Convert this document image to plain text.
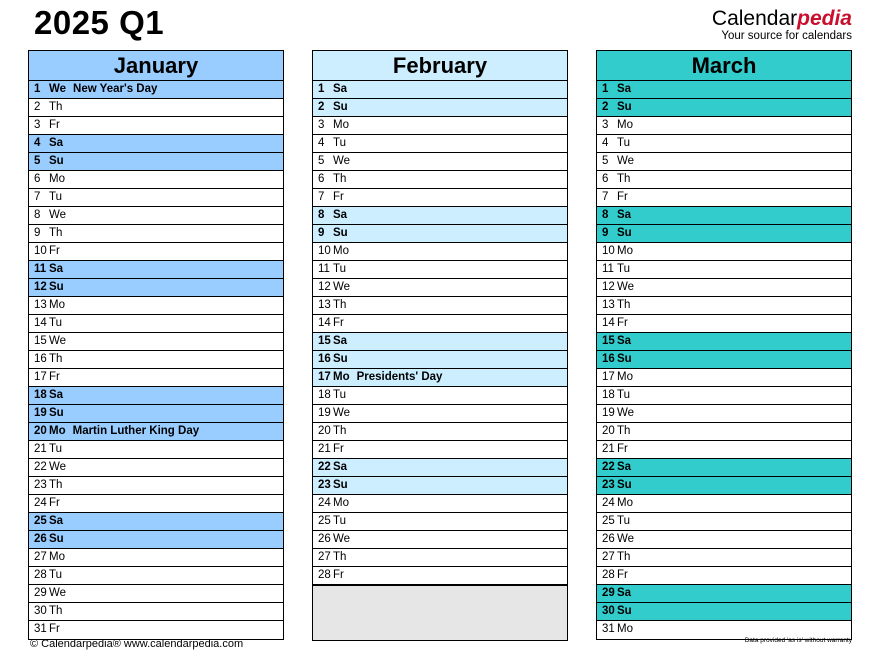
2025 Q1	Calendarpedia
Your source for calendars
January
1 We New Year's Day
2 Th
3 Fr
4 Sa
5 Su
6 Mo
7 Tu
8 We
9 Th
10 Fr
11 Sa
12 Su
13 Mo
14 Tu
15 We
16 Th
17 Fr
18 Sa
19 Su
20 Mo Martin Luther King Day
21 Tu
22 We
23 Th
24 Fr
25 Sa
26 Su
27 Mo
28 Tu
29 We
30 Th
31 Fr
February
1 Sa
2 Su
3 Mo
4 Tu
5 We
6 Th
7 Fr
8 Sa
9 Su
10 Mo
11 Tu
12 We
13 Th
14 Fr
15 Sa
16 Su
17 Mo Presidents' Day
18 Tu
19 We
20 Th
21 Fr
22 Sa
23 Su
24 Mo
25 Tu
26 We
27 Th
28 Fr
March
1 Sa
2 Su
3 Mo
4 Tu
5 We
6 Th
7 Fr
8 Sa
9 Su
10 Mo
11 Tu
12 We
13 Th
14 Fr
15 Sa
16 Su
17 Mo
18 Tu
19 We
20 Th
21 Fr
22 Sa
23 Su
24 Mo
25 Tu
26 We
27 Th
28 Fr
29 Sa
30 Su
31 Mo
© Calendarpedia® www.calendarpedia.com	Data provided 'as is' without warranty
